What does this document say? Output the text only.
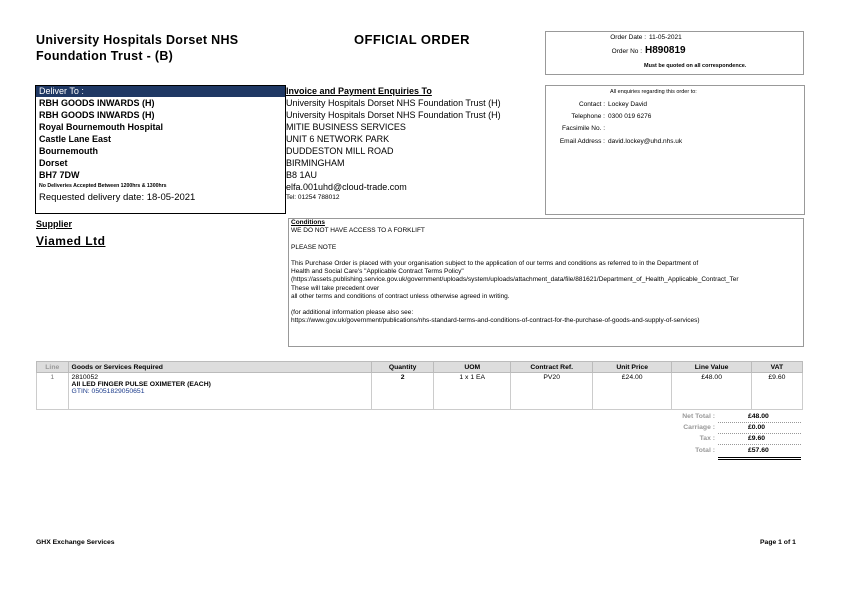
University Hospitals Dorset NHS
Foundation Trust - (B)
OFFICIAL ORDER	Order Date : 11-05-2021
Order No : H890819
Must be quoted on all correspondence.
Deliver To :
RBH GOODS INWARDS (H)
RBH GOODS INWARDS (H)
Royal Bournemouth Hospital
Castle Lane East
Bournemouth
Dorset
BH7 7DW
No Deliveries Accepted Between 1200hrs & 1300hrs
Requested delivery date: 18-05-2021
Invoice and Payment Enquiries To
University Hospitals Dorset NHS Foundation Trust (H)
University Hospitals Dorset NHS Foundation Trust (H)
MITIE BUSINESS SERVICES
UNIT 6 NETWORK PARK
DUDDESTON MILL ROAD
BIRMINGHAM
B8 1AU
elfa.001uhd@cloud-trade.com
Tel: 01254 788012
All enquiries regarding this order to:
Contact : Lockey David
Telephone : 0300 019 6276
Facsimile No. :
Email Address : david.lockey@uhd.nhs.uk
Supplier
Viamed Ltd

Conditions

WE DO NOT HAVE ACCESS TO A FORKLIFT

PLEASE NOTE

This Purchase Order is placed with your organisation subject to the application of our terms and conditions as referred to in the Department of

Health and Social Care's "Applicable Contract Terms Policy"

(https://assets.publishing.service.gov.uk/government/uploads/system/uploads/attachment_data/file/881621/Department_of_Health_Applicable_Contract_Ter

These will take precedent over

all other terms and conditions of contract unless otherwise agreed in writing.

(for additional information please also see:

https://www.gov.uk/government/publications/nhs-standard-terms-and-conditions-of-contract-for-the-purchase-of-goods-and-supply-of-services)

Line	Goods or Services Required	Quantity	UOM	Contract Ref.	Unit Price	Line Value	VAT
1	2810052
All LED FINGER PULSE OXIMETER (EACH)
GTIN: 05051829050651	2	1 x 1 EA	PV20	£24.00	£48.00	£9.60
Net Total :	£48.00
Carriage :	£0.00
Tax :	£9.60
Total :	£57.60
GHX Exchange Services	Page 1 of 1
